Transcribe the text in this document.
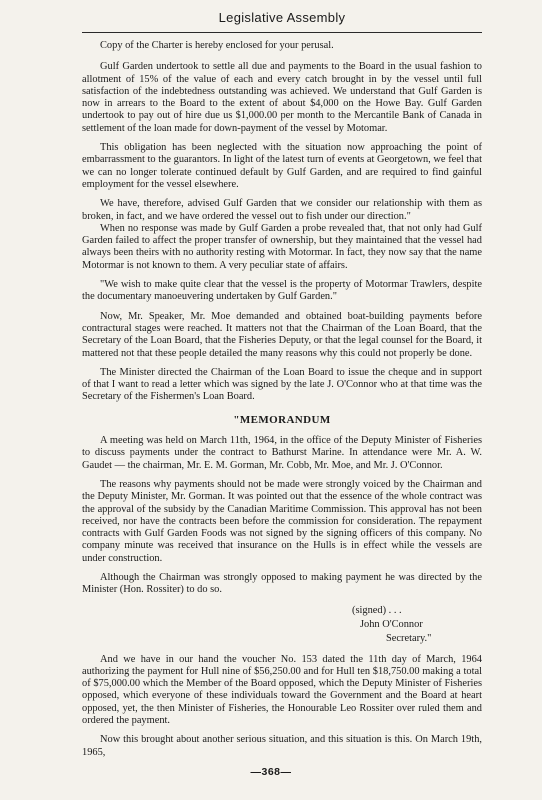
Legislative Assembly

Copy of the Charter is hereby enclosed for your perusal.

Gulf Garden undertook to settle all due and payments to the Board in the usual fashion to allotment of 15% of the value of each and every catch brought in by the vessel until full satisfaction of the indebtedness outstanding was achieved. We understand that Gulf Garden is now in arrears to the Board to the extent of about $4,000 on the Howe Bay. Gulf Garden undertook to pay out of hire due us $1,000.00 per month to the Mercantile Bank of Canada in settlement of the loan made for down-payment of the vessel by Motomar.

This obligation has been neglected with the situation now approaching the point of embarrassment to the guarantors. In light of the latest turn of events at Georgetown, we feel that we can no longer tolerate continued default by Gulf Garden, and are required to find gainful employment for the vessel elsewhere.

We have, therefore, advised Gulf Garden that we consider our relationship with them as broken, in fact, and we have ordered the vessel out to fish under our direction."

When no response was made by Gulf Garden a probe revealed that, that not only had Gulf Garden failed to affect the proper transfer of ownership, but they maintained that the vessel had always been theirs with no authority resting with Motormar. In fact, they now say that the name Motormar is not known to them. A very peculiar state of affairs.

"We wish to make quite clear that the vessel is the property of Motormar Trawlers, despite the documentary manoeuvering undertaken by Gulf Garden."

Now, Mr. Speaker, Mr. Moe demanded and obtained boat-building payments before contractural stages were reached. It matters not that the Chairman of the Loan Board, that the Secretary of the Loan Board, that the Fisheries Deputy, or that the legal counsel for the Board, it mattered not that these people detailed the many reasons why this could not properly be done.

The Minister directed the Chairman of the Loan Board to issue the cheque and in support of that I want to read a letter which was signed by the late J. O'Connor who at that time was the Secretary of the Fishermen's Loan Board.

"MEMORANDUM

A meeting was held on March 11th, 1964, in the office of the Deputy Minister of Fisheries to discuss payments under the contract to Bathurst Marine. In attendance were Mr. A. W. Gaudet — the chairman, Mr. E. M. Gorman, Mr. Cobb, Mr. Moe, and Mr. J. O'Connor.

The reasons why payments should not be made were strongly voiced by the Chairman and the Deputy Minister, Mr. Gorman. It was pointed out that the essence of the whole contract was the approval of the subsidy by the Canadian Maritime Commission. This approval has not been received, nor have the contracts been before the commission for consideration. The repayment contracts with Gulf Garden Foods was not signed by the signing officers of this company. No company minute was received that insurance on the Hulls is in effect while the vessels are under construction.

Although the Chairman was strongly opposed to making payment he was directed by the Minister (Hon. Rossiter) to do so.

(signed) . . .
John O'Connor
Secretary."

And we have in our hand the voucher No. 153 dated the 11th day of March, 1964 authorizing the payment for Hull nine of $56,250.00 and for Hull ten $18,750.00 making a total of $75,000.00 which the Member of the Board opposed, which the Deputy Minister of Fisheries opposed, which everyone of these individuals toward the Government and the Board at heart opposed, yet, the then Minister of Fisheries, the Honourable Leo Rossiter over ruled them and ordered the payment.

Now this brought about another serious situation, and this situation is this. On March 19th, 1965,

—368—
